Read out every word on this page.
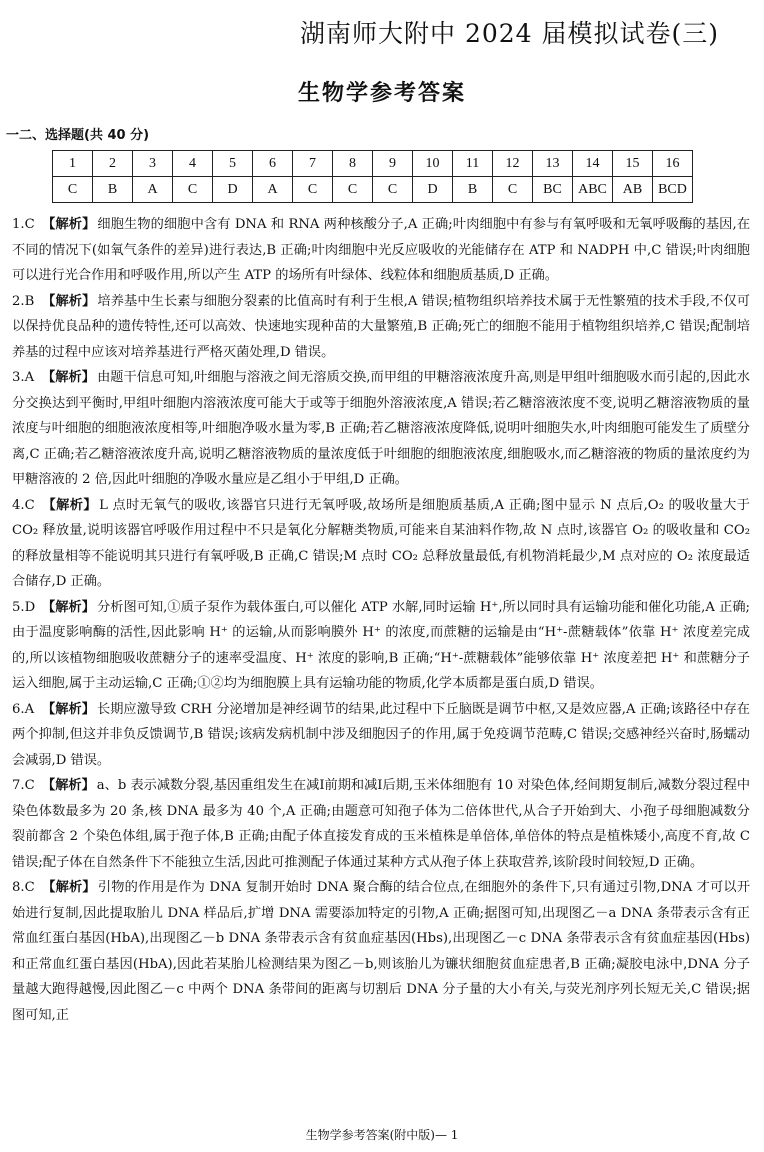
湖南师大附中 2024 届模拟试卷(三)
生物学参考答案
一二、选择题(共 40 分)
1	2	3	4	5	6	7	8	9	10	11	12	13	14	15	16
C	B	A	C	D	A	C	C	C	D	B	C	BC	ABC	AB	BCD

1.C 【解析】 细胞生物的细胞中含有 DNA 和 RNA 两种核酸分子,A 正确;叶肉细胞中有参与有氧呼吸和无氧呼吸酶的基因,在不同的情况下(如氧气条件的差异)进行表达,B 正确;叶肉细胞中光反应吸收的光能储存在 ATP 和 NADPH 中,C 错误;叶肉细胞可以进行光合作用和呼吸作用,所以产生 ATP 的场所有叶绿体、线粒体和细胞质基质,D 正确。

2.B 【解析】 培养基中生长素与细胞分裂素的比值高时有利于生根,A 错误;植物组织培养技术属于无性繁殖的技术手段,不仅可以保持优良品种的遗传特性,还可以高效、快速地实现种苗的大量繁殖,B 正确;死亡的细胞不能用于植物组织培养,C 错误;配制培养基的过程中应该对培养基进行严格灭菌处理,D 错误。

3.A 【解析】 由题干信息可知,叶细胞与溶液之间无溶质交换,而甲组的甲糖溶液浓度升高,则是甲组叶细胞吸水而引起的,因此水分交换达到平衡时,甲组叶细胞内溶液浓度可能大于或等于细胞外溶液浓度,A 错误;若乙糖溶液浓度不变,说明乙糖溶液物质的量浓度与叶细胞的细胞液浓度相等,叶细胞净吸水量为零,B 正确;若乙糖溶液浓度降低,说明叶细胞失水,叶肉细胞可能发生了质壁分离,C 正确;若乙糖溶液浓度升高,说明乙糖溶液物质的量浓度低于叶细胞的细胞液浓度,细胞吸水,而乙糖溶液的物质的量浓度约为甲糖溶液的 2 倍,因此叶细胞的净吸水量应是乙组小于甲组,D 正确。

4.C 【解析】 L 点时无氧气的吸收,该器官只进行无氧呼吸,故场所是细胞质基质,A 正确;图中显示 N 点后,O₂ 的吸收量大于 CO₂ 释放量,说明该器官呼吸作用过程中不只是氧化分解糖类物质,可能来自某油料作物,故 N 点时,该器官 O₂ 的吸收量和 CO₂ 的释放量相等不能说明其只进行有氧呼吸,B 正确,C 错误;M 点时 CO₂ 总释放量最低,有机物消耗最少,M 点对应的 O₂ 浓度最适合储存,D 正确。

5.D 【解析】 分析图可知,①质子泵作为载体蛋白,可以催化 ATP 水解,同时运输 H⁺,所以同时具有运输功能和催化功能,A 正确;由于温度影响酶的活性,因此影响 H⁺ 的运输,从而影响膜外 H⁺ 的浓度,而蔗糖的运输是由“H⁺-蔗糖载体”依靠 H⁺ 浓度差完成的,所以该植物细胞吸收蔗糖分子的速率受温度、H⁺ 浓度的影响,B 正确;“H⁺-蔗糖载体”能够依靠 H⁺ 浓度差把 H⁺ 和蔗糖分子运入细胞,属于主动运输,C 正确;①②均为细胞膜上具有运输功能的物质,化学本质都是蛋白质,D 错误。

6.A 【解析】 长期应激导致 CRH 分泌增加是神经调节的结果,此过程中下丘脑既是调节中枢,又是效应器,A 正确;该路径中存在两个抑制,但这并非负反馈调节,B 错误;该病发病机制中涉及细胞因子的作用,属于免疫调节范畴,C 错误;交感神经兴奋时,肠蠕动会减弱,D 错误。

7.C 【解析】 a、b 表示减数分裂,基因重组发生在减Ⅰ前期和减Ⅰ后期,玉米体细胞有 10 对染色体,经间期复制后,减数分裂过程中染色体数最多为 20 条,核 DNA 最多为 40 个,A 正确;由题意可知孢子体为二倍体世代,从合子开始到大、小孢子母细胞减数分裂前都含 2 个染色体组,属于孢子体,B 正确;由配子体直接发育成的玉米植株是单倍体,单倍体的特点是植株矮小,高度不育,故 C 错误;配子体在自然条件下不能独立生活,因此可推测配子体通过某种方式从孢子体上获取营养,该阶段时间较短,D 正确。

8.C 【解析】 引物的作用是作为 DNA 复制开始时 DNA 聚合酶的结合位点,在细胞外的条件下,只有通过引物,DNA 才可以开始进行复制,因此提取胎儿 DNA 样品后,扩增 DNA 需要添加特定的引物,A 正确;据图可知,出现图乙－a DNA 条带表示含有正常血红蛋白基因(HbA),出现图乙－b DNA 条带表示含有贫血症基因(Hbs),出现图乙－c DNA 条带表示含有贫血症基因(Hbs)和正常血红蛋白基因(HbA),因此若某胎儿检测结果为图乙－b,则该胎儿为镰状细胞贫血症患者,B 正确;凝胶电泳中,DNA 分子量越大跑得越慢,因此图乙－c 中两个 DNA 条带间的距离与切割后 DNA 分子量的大小有关,与荧光剂序列长短无关,C 错误;据图可知,正

生物学参考答案(附中版)— 1
